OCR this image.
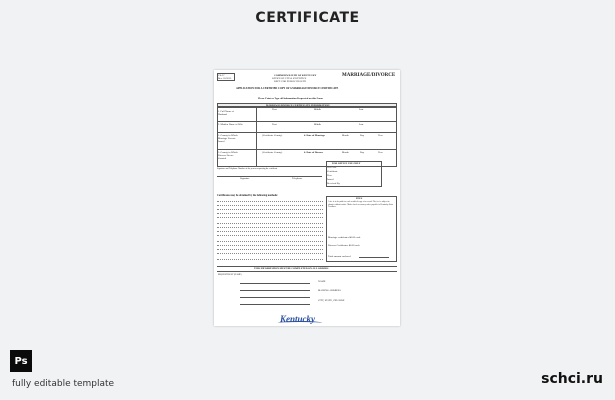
CERTIFICATE
VS-37
Rev. 01/2015
COMMONWEALTH OF KENTUCKY
OFFICE OF VITAL STATISTICS
DEPT. FOR PUBLIC HEALTH
MARRIAGE/DIVORCE
APPLICATION FOR A CERTIFIED COPY OF A MARRIAGE/DIVORCE CERTIFICATE
Please Print or Type all Information Requested on this Form
MARRIAGE/DIVORCE CERTIFICATE INFORMATION
1. Full Name of
Husband
First	Middle	Last
2. Maiden Name of Wife	First	Middle	Last
3. County in Which
Marriage License
Issued
(Certificate County)	4. Date of Marriage	Month	Day	Year
5. County in Which
Divorce Decree
Granted
(Certificate County)	6. Date of Divorce	Month	Day	Year
FOR OFFICE USE ONLY
Vol. Cert.
Certificate
Year
Issued
Received By
Signature and Telephone Number of the person requesting the certificate
Signature	Telephone
Certificates may be obtained by the following methods:
FEES
A fee is to be paid for each certified copy of a record. The fee is subject to change without notice. Make check or money order payable to Kentucky State Treasurer.
Marriage certificates $6.00 each
Divorce Certificates $6.00 each
Total amount enclosed
THIS INFORMATION MUST BE COMPLETED ON ALL ORDERS
REQUESTED BY (NAME)
NAME
MAILING ADDRESS
CITY, STATE, ZIP CODE
Kentucky
Ps
fully editable template	schci.ru
